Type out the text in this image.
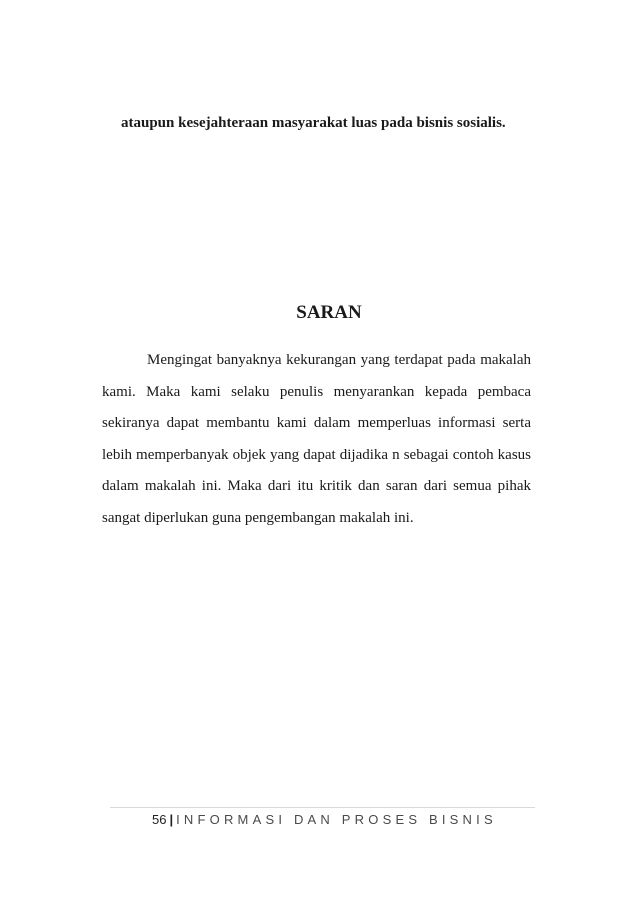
ataupun kesejahteraan masyarakat luas pada bisnis sosialis.

SARAN

Mengingat banyaknya kekurangan yang terdapat pada makalah kami. Maka kami selaku penulis menyarankan kepada pembaca sekiranya dapat membantu kami dalam memperluas informasi serta lebih memperbanyak objek yang dapat dijadika n sebagai contoh kasus dalam makalah ini. Maka dari itu kritik dan saran dari semua pihak sangat diperlukan guna pengembangan makalah ini.

56 | INFORMASI DAN PROSES BISNIS
